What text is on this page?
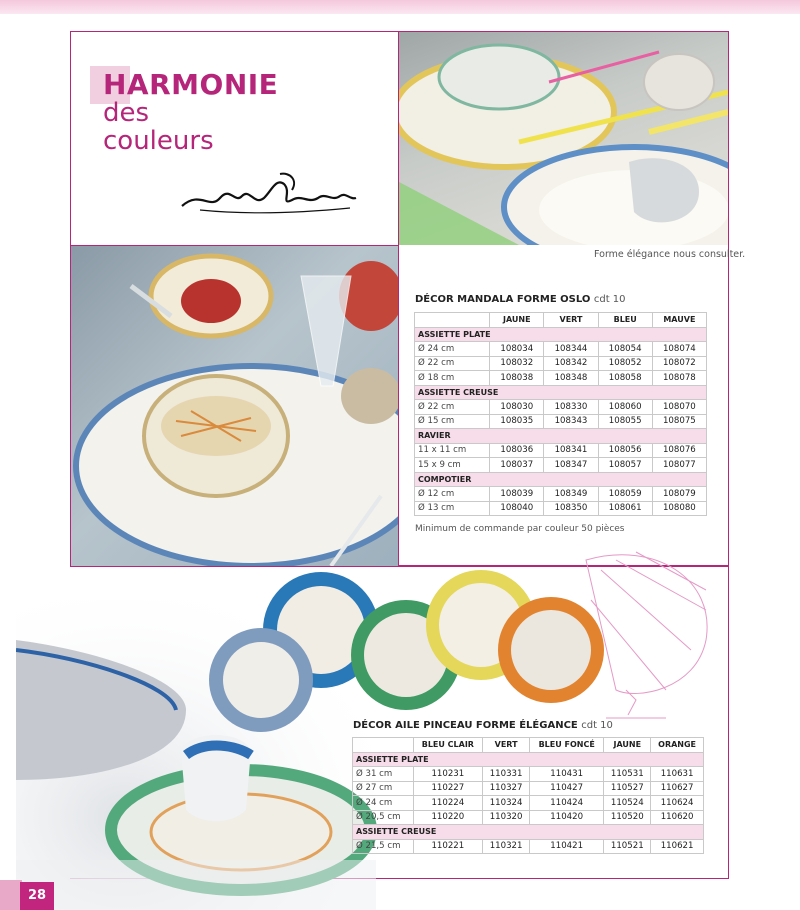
HARMONIE
des
couleurs
Forme élégance nous consulter.
DÉCOR MANDALA FORME OSLO cdt 10
	JAUNE	VERT	BLEU	MAUVE
ASSIETTE PLATE				
Ø 24 cm	108034	108344	108054	108074
Ø 22 cm	108032	108342	108052	108072
Ø 18 cm	108038	108348	108058	108078
ASSIETTE CREUSE				
Ø 22 cm	108030	108330	108060	108070
Ø 15 cm	108035	108343	108055	108075
RAVIER				
11 x 11 cm	108036	108341	108056	108076
15 x 9 cm	108037	108347	108057	108077
COMPOTIER				
Ø 12 cm	108039	108349	108059	108079
Ø 13 cm	108040	108350	108061	108080
Minimum de commande par couleur 50 pièces
DÉCOR AILE PINCEAU FORME ÉLÉGANCE cdt 10
	BLEU CLAIR	VERT	BLEU FONCÉ	JAUNE	ORANGE
ASSIETTE PLATE					
Ø 31 cm	110231	110331	110431	110531	110631
Ø 27 cm	110227	110327	110427	110527	110627
Ø 24 cm	110224	110324	110424	110524	110624
Ø 20,5 cm	110220	110320	110420	110520	110620
ASSIETTE CREUSE					
Ø 21,5 cm	110221	110321	110421	110521	110621
28
